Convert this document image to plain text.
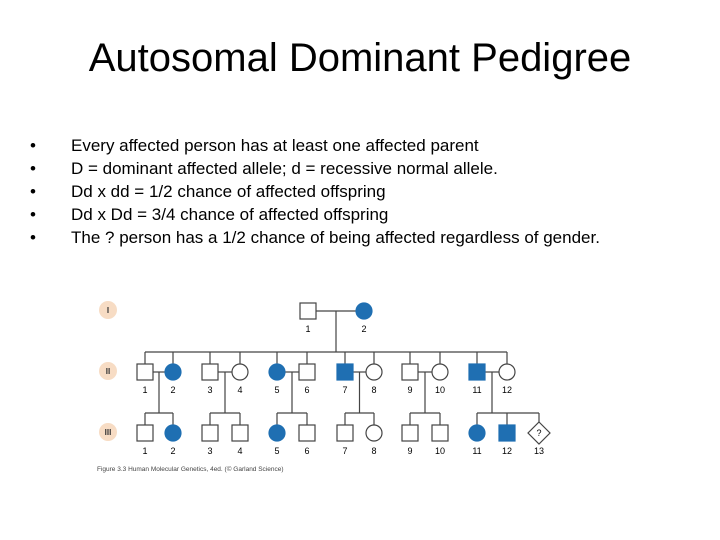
Autosomal Dominant Pedigree
• Every affected person has at least one affected parent
• D = dominant affected allele; d = recessive normal allele.
• Dd x dd = 1/2 chance of affected offspring
• Dd x Dd = 3/4 chance of affected offspring
• The ? person has a 1/2 chance of being affected regardless of gender.
1	2
1	2	3	4	5	6	7	8	9 10	11 12
1	2	3	4	5	6	7	8	9 10	11 12
?
13
I
II
III
Figure 3.3 Human Molecular Genetics, 4ed. (© Garland Science)
